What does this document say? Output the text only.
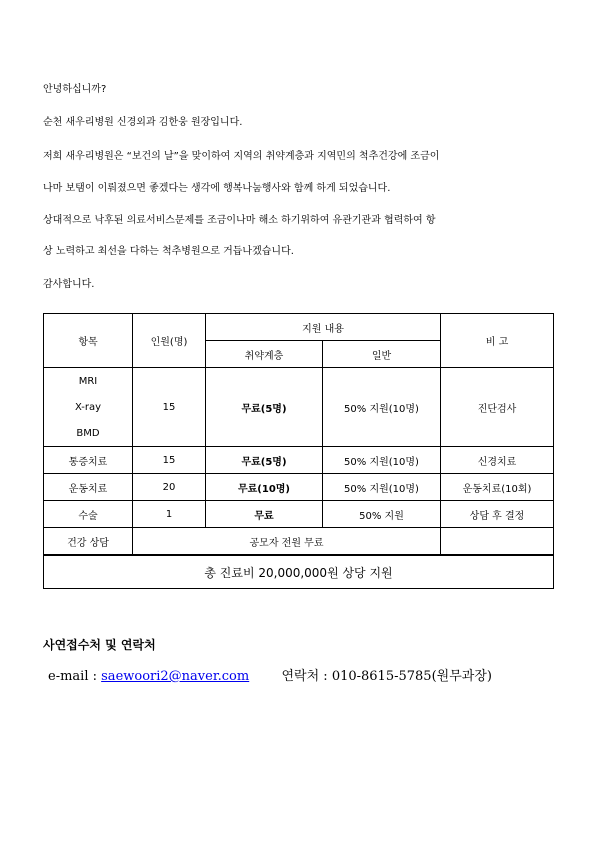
안녕하십니까?
순천 새우리병원 신경외과 김한웅 원장입니다.
저희 새우리병원은 “보건의 날”을 맞이하여 지역의 취약계층과 지역민의 척추건강에 조금이
나마 보탬이 이뤄졌으면 좋겠다는 생각에 행복나눔행사와 함께 하게 되었습니다.
상대적으로 낙후된 의료서비스문제를 조금이나마 해소 하기위하여 유관기관과 협력하여 항
상 노력하고 최선을 다하는 척추병원으로 거듭나겠습니다.
감사합니다.
항목	인원(명)	지원 내용		비 고
		취약계층	일반	
MRI	15	무료(5명)	50% 지원(10명)	진단검사
X-ray				
BMD				
통증치료	15	무료(5명)	50% 지원(10명)	신경치료
운동치료	20	무료(10명)	50% 지원(10명)	운동치료(10회)
수술	1	무료	50% 지원	상담 후 결정
건강 상담	공모자 전원 무료			
총 진료비 20,000,000원 상당 지원				
사연접수처 및 연락처
e-mail : saewoori2@naver.com 연락처 : 010-8615-5785(원무과장)
